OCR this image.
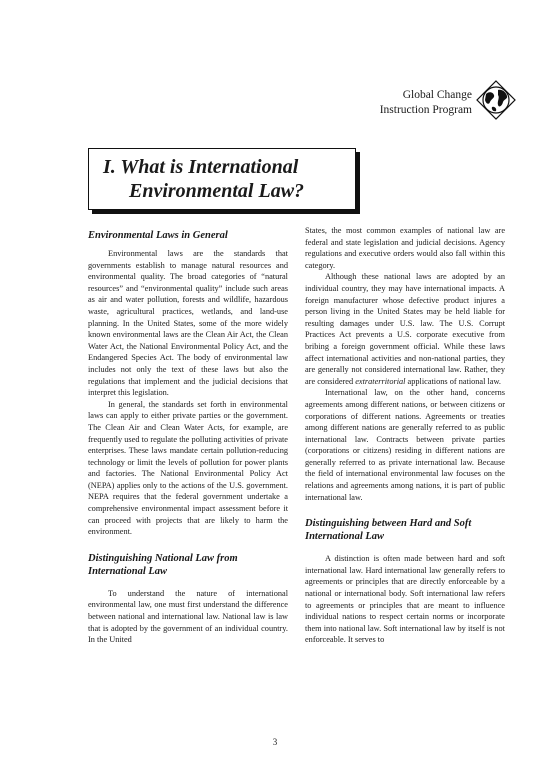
Global Change
Instruction Program
I. What is International
Environmental Law?
Environmental Laws in General

Environmental laws are the standards that governments establish to manage natural resources and environmental quality. The broad categories of “natural resources” and “environmental quality” include such areas as air and water pollution, forests and wildlife, hazardous waste, agricultural practices, wetlands, and land-use planning. In the United States, some of the more widely known environmental laws are the Clean Air Act, the Clean Water Act, the National Environmental Policy Act, and the Endangered Species Act. The body of environmental law includes not only the text of these laws but also the regulations that implement and the judicial decisions that interpret this legislation.

In general, the standards set forth in environmental laws can apply to either private parties or the government. The Clean Air and Clean Water Acts, for example, are frequently used to regulate the polluting activities of private enterprises. These laws mandate certain pollution-reducing technology or limit the levels of pollution for power plants and factories. The National Environmental Policy Act (NEPA) applies only to the actions of the U.S. government. NEPA requires that the federal government undertake a comprehensive environmental impact assessment before it can proceed with projects that are likely to harm the environment.

Distinguishing National Law from International Law

To understand the nature of international environmental law, one must first understand the difference between national and international law. National law is law that is adopted by the government of an individual country. In the United

States, the most common examples of national law are federal and state legislation and judicial decisions. Agency regulations and executive orders would also fall within this category.

Although these national laws are adopted by an individual country, they may have international impacts. A foreign manufacturer whose defective product injures a person living in the United States may be held liable for resulting damages under U.S. law. The U.S. Corrupt Practices Act prevents a U.S. corporate executive from bribing a foreign government official. While these laws affect international activities and non-national parties, they are generally not considered international law. Rather, they are considered extraterritorial applications of national law.

International law, on the other hand, concerns agreements among different nations, or between citizens or corporations of different nations. Agreements or treaties among different nations are generally referred to as public international law. Contracts between private parties (corporations or citizens) residing in different nations are generally referred to as private international law. Because the field of international environmental law focuses on the relations and agreements among nations, it is part of public international law.

Distinguishing between Hard and Soft International Law

A distinction is often made between hard and soft international law. Hard international law generally refers to agreements or principles that are directly enforceable by a national or international body. Soft international law refers to agreements or principles that are meant to influence individual nations to respect certain norms or incorporate them into national law. Soft international law by itself is not enforceable. It serves to

3
